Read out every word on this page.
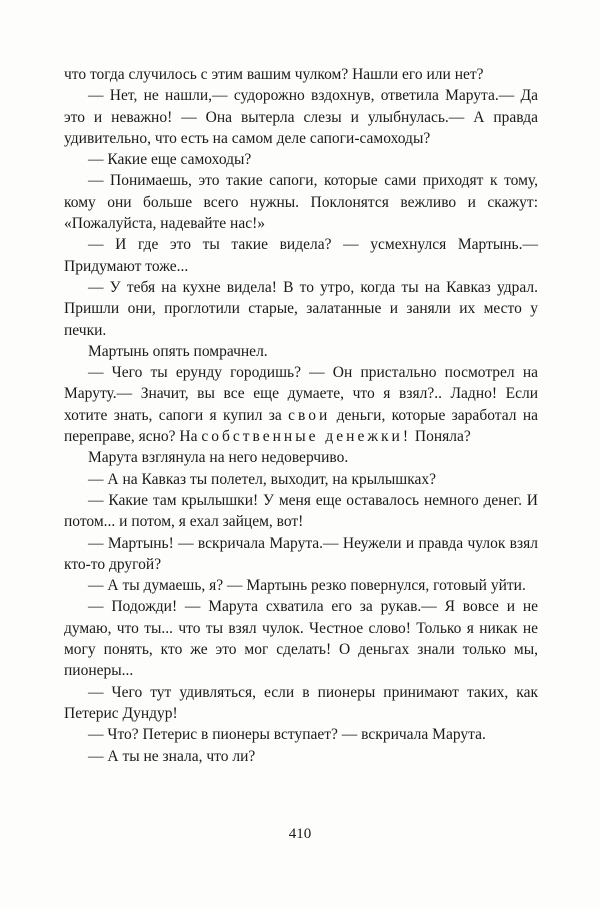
что тогда случилось с этим вашим чулком? Нашли его или нет?

— Нет, не нашли,— судорожно вздохнув, ответила Марута.— Да это и неважно! — Она вытерла слезы и улыбнулась.— А правда удивительно, что есть на самом деле сапоги-самоходы?

— Какие еще самоходы?

— Понимаешь, это такие сапоги, которые сами приходят к тому, кому они больше всего нужны. Поклонятся вежливо и скажут: «Пожалуйста, надевайте нас!»

— И где это ты такие видела? — усмехнулся Мартынь.— Придумают тоже...

— У тебя на кухне видела! В то утро, когда ты на Кавказ удрал. Пришли они, проглотили старые, залатанные и заняли их место у печки.

Мартынь опять помрачнел.

— Чего ты ерунду городишь? — Он пристально посмотрел на Маруту.— Значит, вы все еще думаете, что я взял?.. Ладно! Если хотите знать, сапоги я купил за свои деньги, которые заработал на переправе, ясно? На собственные денежки! Поняла?

Марута взглянула на него недоверчиво.

— А на Кавказ ты полетел, выходит, на крылышках?

— Какие там крылышки! У меня еще оставалось немного денег. И потом... и потом, я ехал зайцем, вот!

— Мартынь! — вскричала Марута.— Неужели и правда чулок взял кто-то другой?

— А ты думаешь, я? — Мартынь резко повернулся, готовый уйти.

— Подожди! — Марута схватила его за рукав.— Я вовсе и не думаю, что ты... что ты взял чулок. Честное слово! Только я никак не могу понять, кто же это мог сделать! О деньгах знали только мы, пионеры...

— Чего тут удивляться, если в пионеры принимают таких, как Петерис Дундур!

— Что? Петерис в пионеры вступает? — вскричала Марута.

— А ты не знала, что ли?

410
